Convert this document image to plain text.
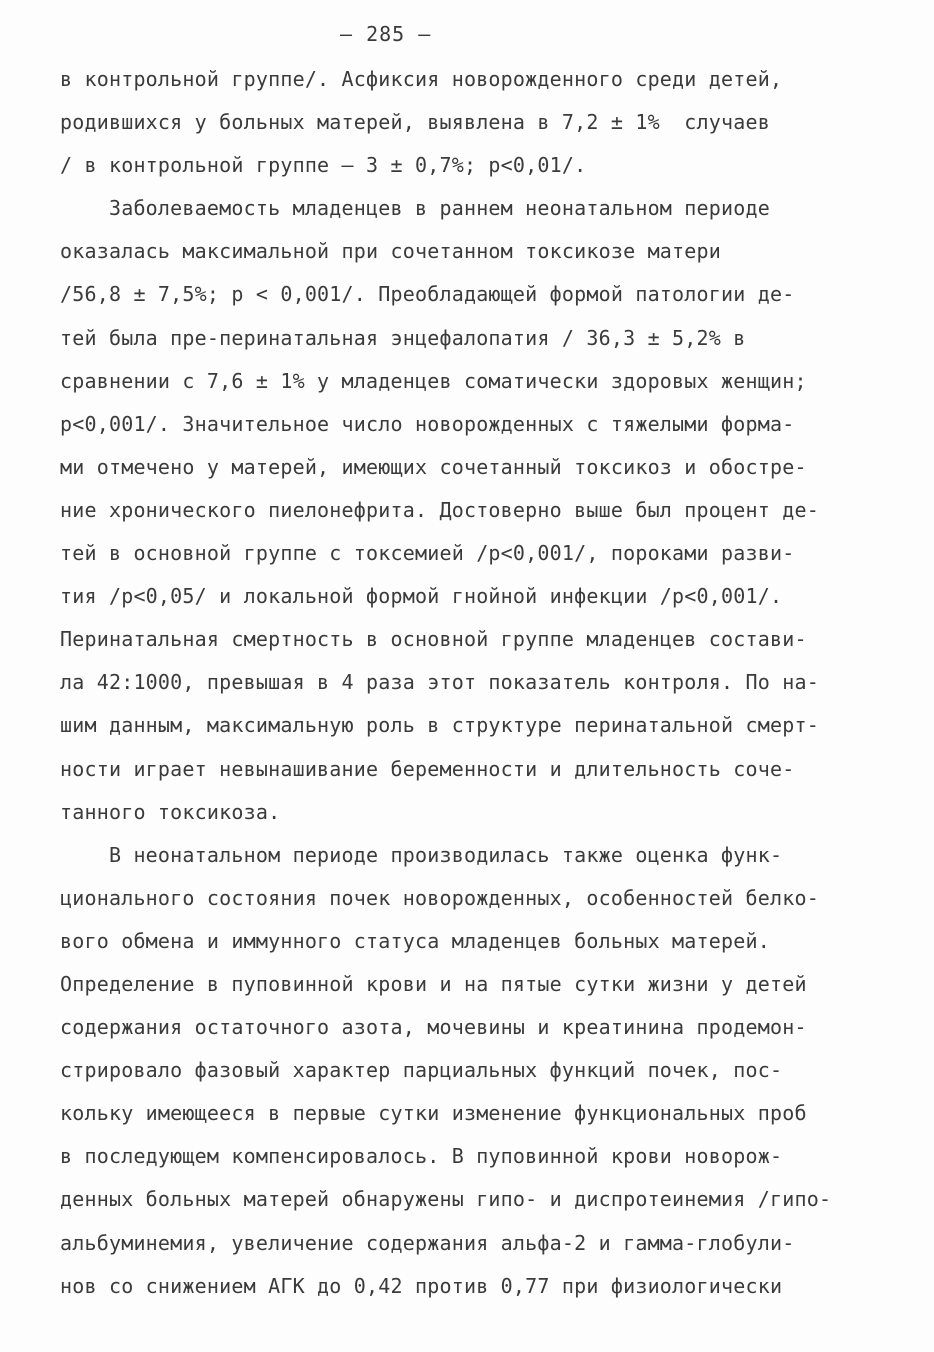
– 285 –
в контрольной группе/. Асфиксия новорожденного среди детей,
родившихся у больных матерей, выявлена в 7,2 ± 1%  случаев
/ в контрольной группе – 3 ± 0,7%; p<0,01/.
Заболеваемость младенцев в раннем неонатальном периоде
оказалась максимальной при сочетанном токсикозе матери
/56,8 ± 7,5%; p < 0,001/. Преобладающей формой патологии де-
тей была пре-перинатальная энцефалопатия / 36,3 ± 5,2% в
сравнении с 7,6 ± 1% у младенцев соматически здоровых женщин;
p<0,001/. Значительное число новорожденных с тяжелыми форма-
ми отмечено у матерей, имеющих сочетанный токсикоз и обостре-
ние хронического пиелонефрита. Достоверно выше был процент де-
тей в основной группе с токсемией /p<0,001/, пороками разви-
тия /p<0,05/ и локальной формой гнойной инфекции /p<0,001/.
Перинатальная смертность в основной группе младенцев состави-
ла 42:1000, превышая в 4 раза этот показатель контроля. По на-
шим данным, максимальную роль в структуре перинатальной смерт-
ности играет невынашивание беременности и длительность соче-
танного токсикоза.
В неонатальном периоде производилась также оценка функ-
ционального состояния почек новорожденных, особенностей белко-
вого обмена и иммунного статуса младенцев больных матерей.
Определение в пуповинной крови и на пятые сутки жизни у детей
содержания остаточного азота, мочевины и креатинина продемон-
стрировало фазовый характер парциальных функций почек, пос-
кольку имеющееся в первые сутки изменение функциональных проб
в последующем компенсировалось. В пуповинной крови новорож-
денных больных матерей обнаружены гипо- и диспротеинемия /гипо-
альбуминемия, увеличение содержания альфа-2 и гамма-глобули-
нов со снижением АГК до 0,42 против 0,77 при физиологически
